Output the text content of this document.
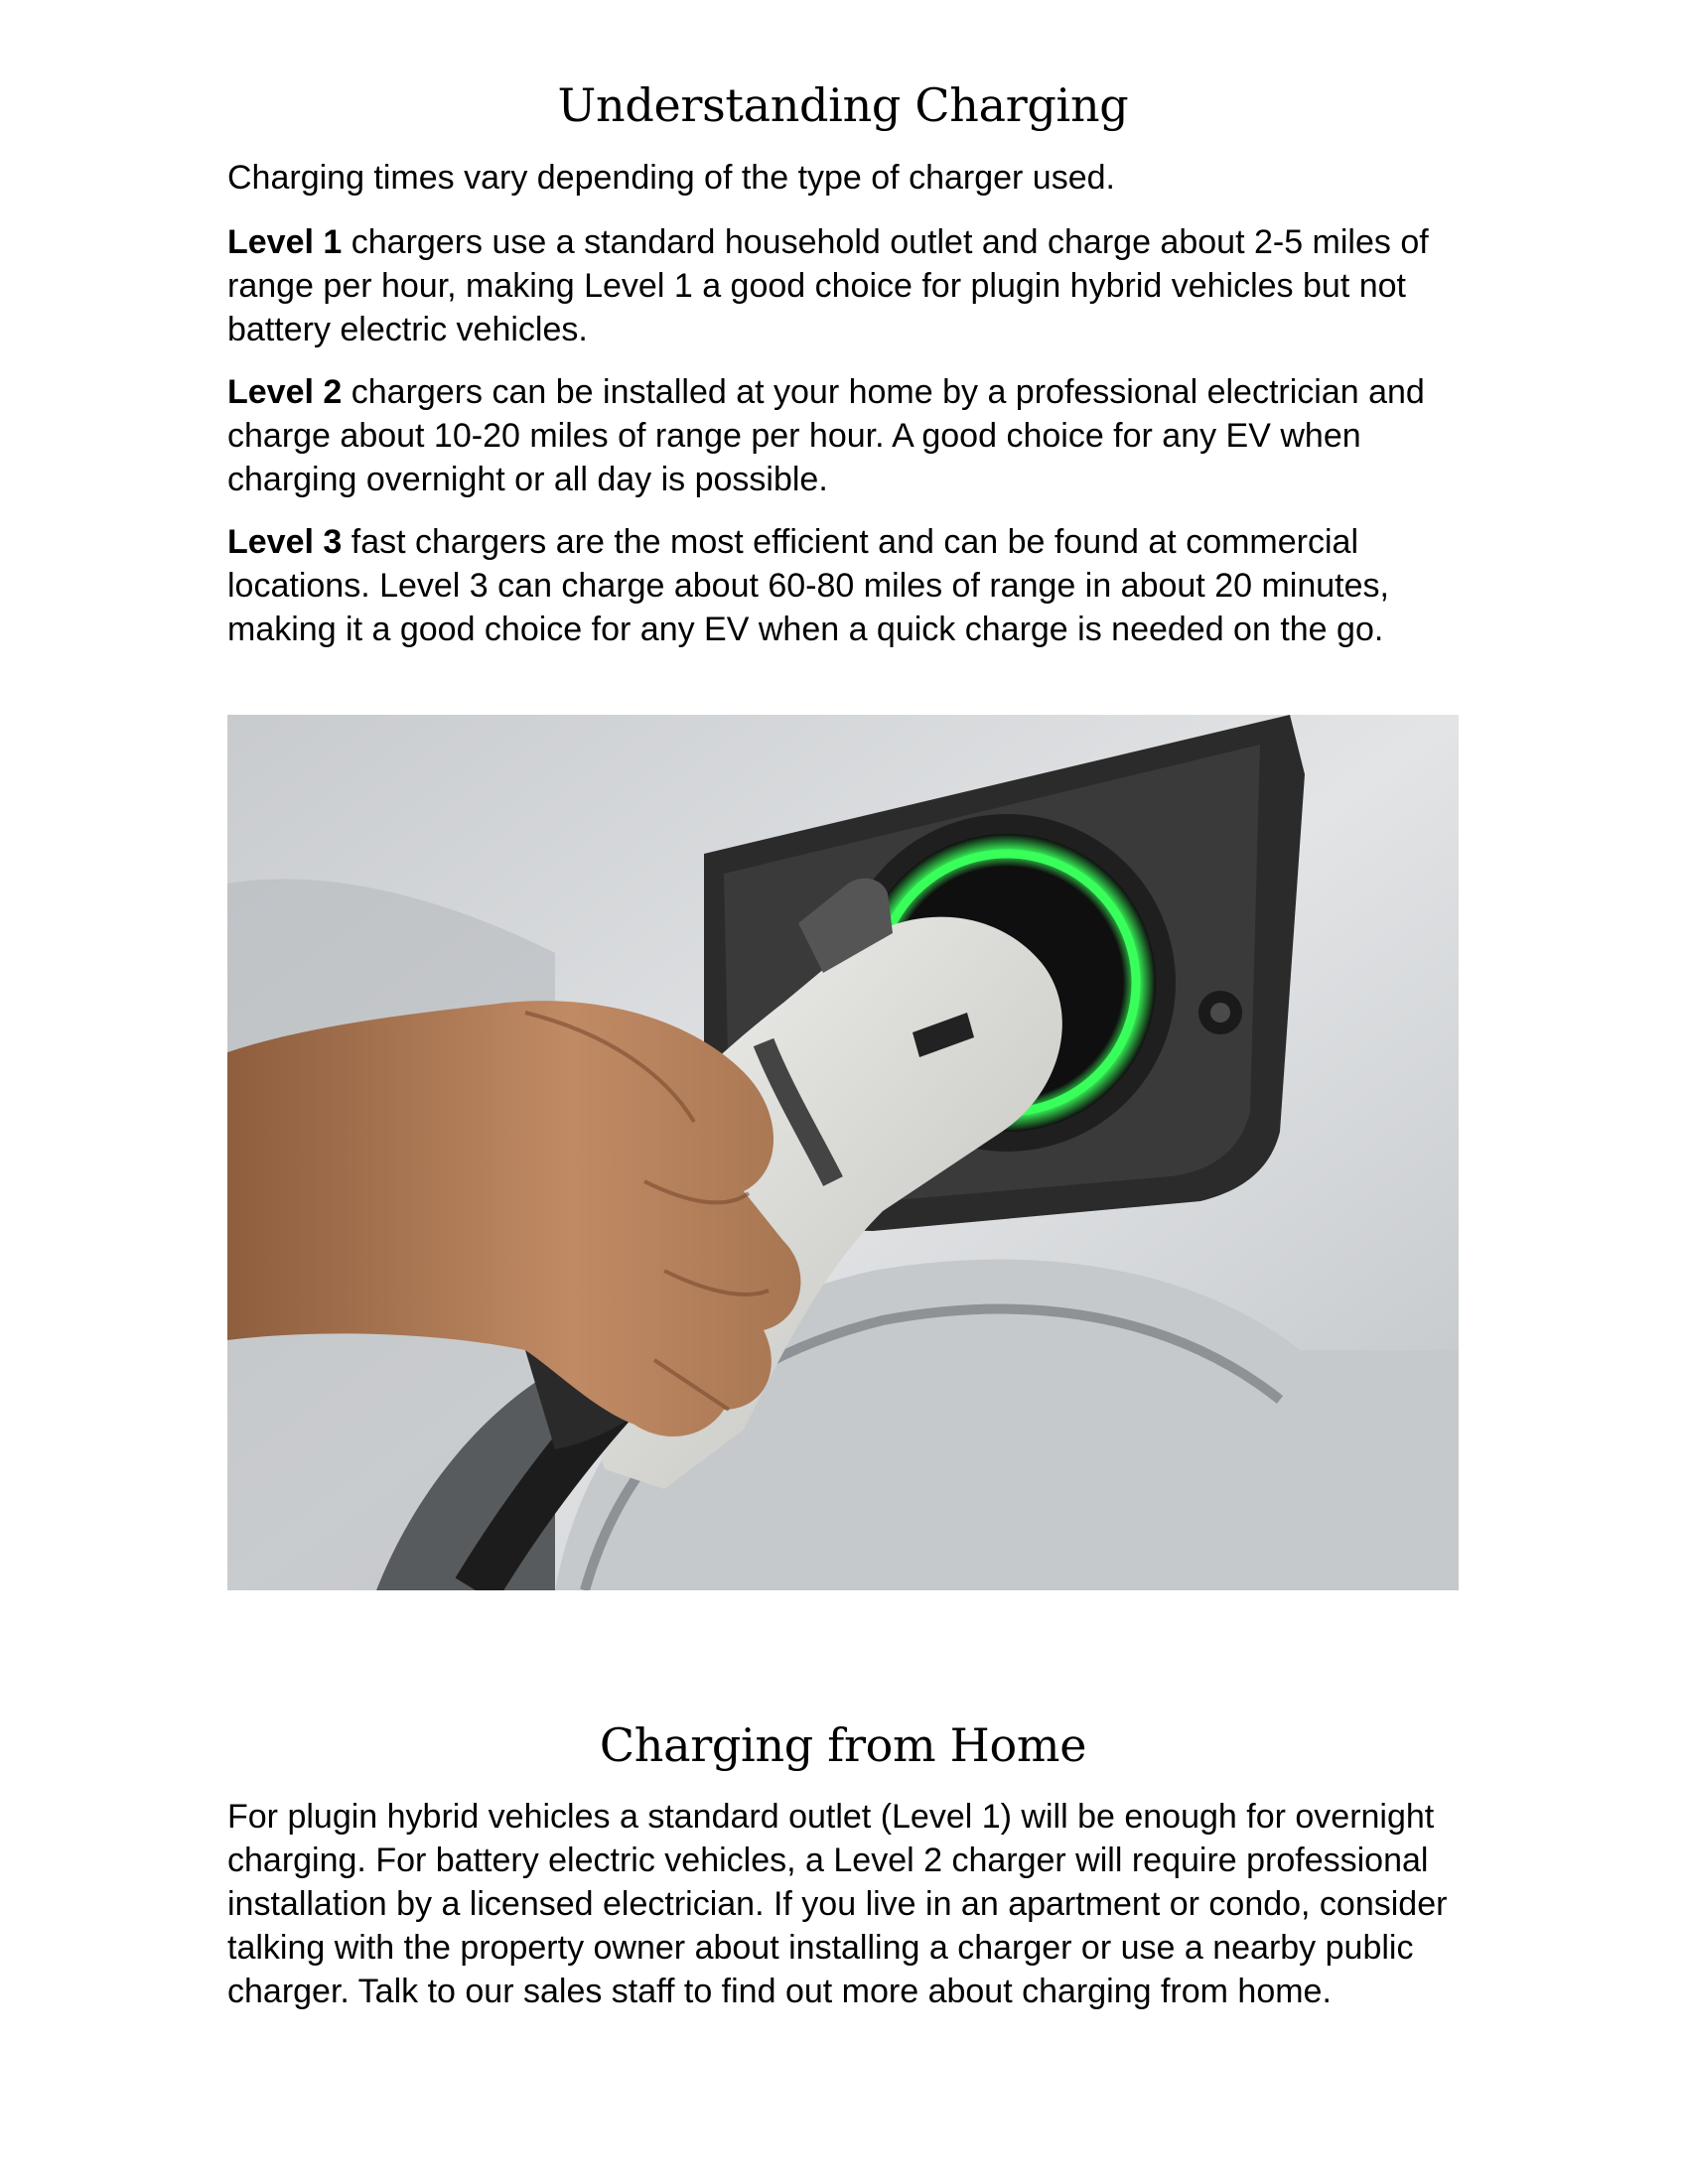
Understanding Charging

Charging times vary depending of the type of charger used.

Level 1 chargers use a standard household outlet and charge about 2-5 miles of range per hour, making Level 1 a good choice for plugin hybrid vehicles but not battery electric vehicles.

Level 2 chargers can be installed at your home by a professional electrician and charge about 10-20 miles of range per hour. A good choice for any EV when charging overnight or all day is possible.

Level 3 fast chargers are the most efficient and can be found at commercial locations. Level 3 can charge about 60-80 miles of range in about 20 minutes, making it a good choice for any EV when a quick charge is needed on the go.

Charging from Home

For plugin hybrid vehicles a standard outlet (Level 1) will be enough for overnight charging. For battery electric vehicles, a Level 2 charger will require professional installation by a licensed electrician. If you live in an apartment or condo, consider talking with the property owner about installing a charger or use a nearby public charger. Talk to our sales staff to find out more about charging from home.
